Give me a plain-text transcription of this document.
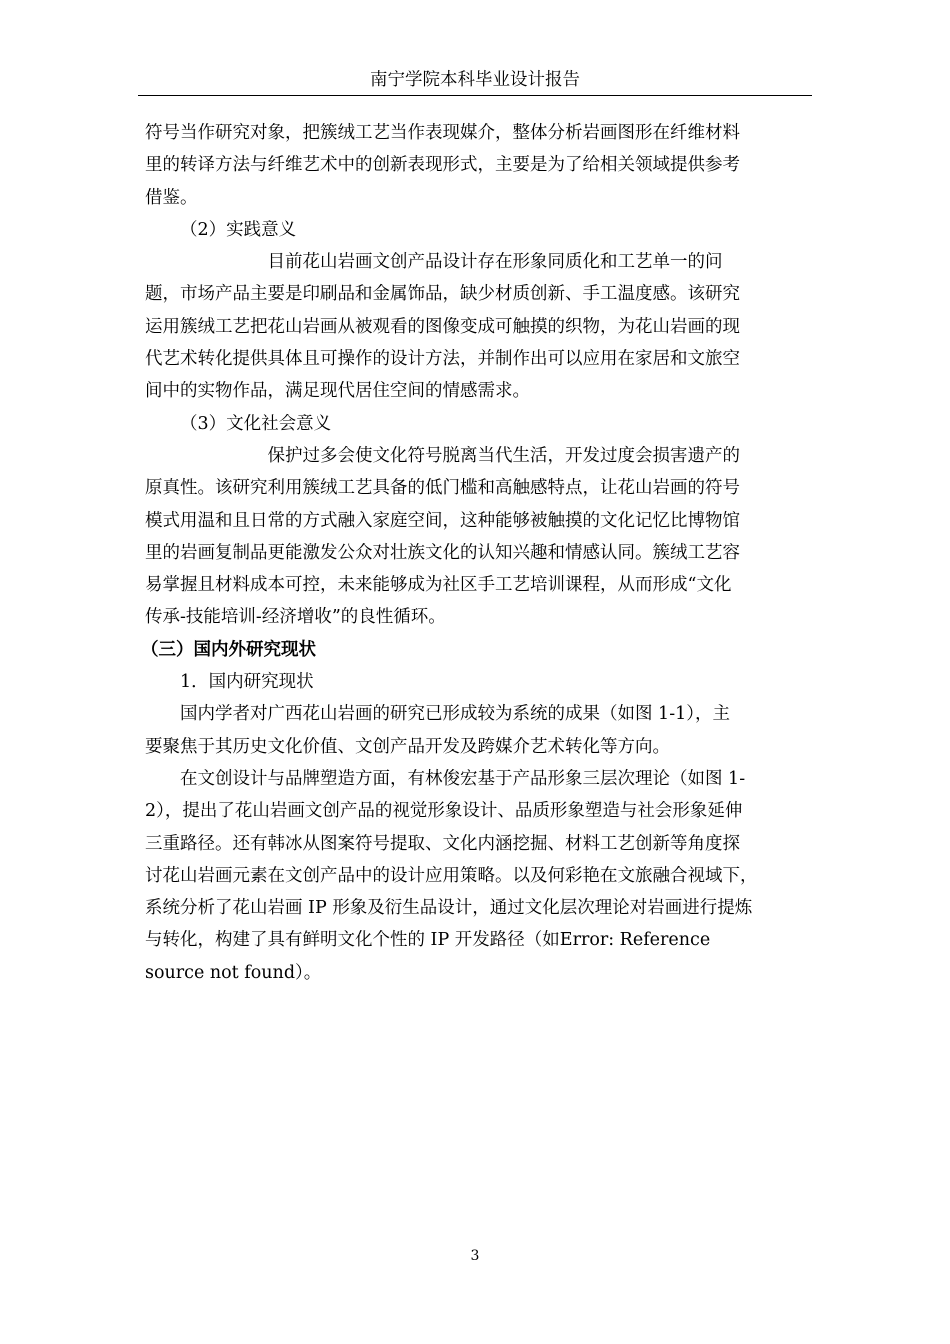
南宁学院本科毕业设计报告
符号当作研究对象，把簇绒工艺当作表现媒介，整体分析岩画图形在纤维材料
里的转译方法与纤维艺术中的创新表现形式，主要是为了给相关领域提供参考
借鉴。
（2）实践意义
　　　　　　　目前花山岩画文创产品设计存在形象同质化和工艺单一的问
题，市场产品主要是印刷品和金属饰品，缺少材质创新、手工温度感。该研究
运用簇绒工艺把花山岩画从被观看的图像变成可触摸的织物，为花山岩画的现
代艺术转化提供具体且可操作的设计方法，并制作出可以应用在家居和文旅空
间中的实物作品，满足现代居住空间的情感需求。
（3）文化社会意义
　　　　　　　保护过多会使文化符号脱离当代生活，开发过度会损害遗产的
原真性。该研究利用簇绒工艺具备的低门槛和高触感特点，让花山岩画的符号
模式用温和且日常的方式融入家庭空间，这种能够被触摸的文化记忆比博物馆
里的岩画复制品更能激发公众对壮族文化的认知兴趣和情感认同。簇绒工艺容
易掌握且材料成本可控，未来能够成为社区手工艺培训课程，从而形成“文化
传承-技能培训-经济增收”的良性循环。
（三）国内外研究现状
1．国内研究现状
　　国内学者对广西花山岩画的研究已形成较为系统的成果（如图 1-1），主
要聚焦于其历史文化价值、文创产品开发及跨媒介艺术转化等方向。
　　在文创设计与品牌塑造方面，有林俊宏基于产品形象三层次理论（如图 1-
2），提出了花山岩画文创产品的视觉形象设计、品质形象塑造与社会形象延伸
三重路径。还有韩冰从图案符号提取、文化内涵挖掘、材料工艺创新等角度探
讨花山岩画元素在文创产品中的设计应用策略。以及何彩艳在文旅融合视域下，
系统分析了花山岩画 IP 形象及衍生品设计，通过文化层次理论对岩画进行提炼
与转化，构建了具有鲜明文化个性的 IP 开发路径（如Error: Reference
source not found）。
3
